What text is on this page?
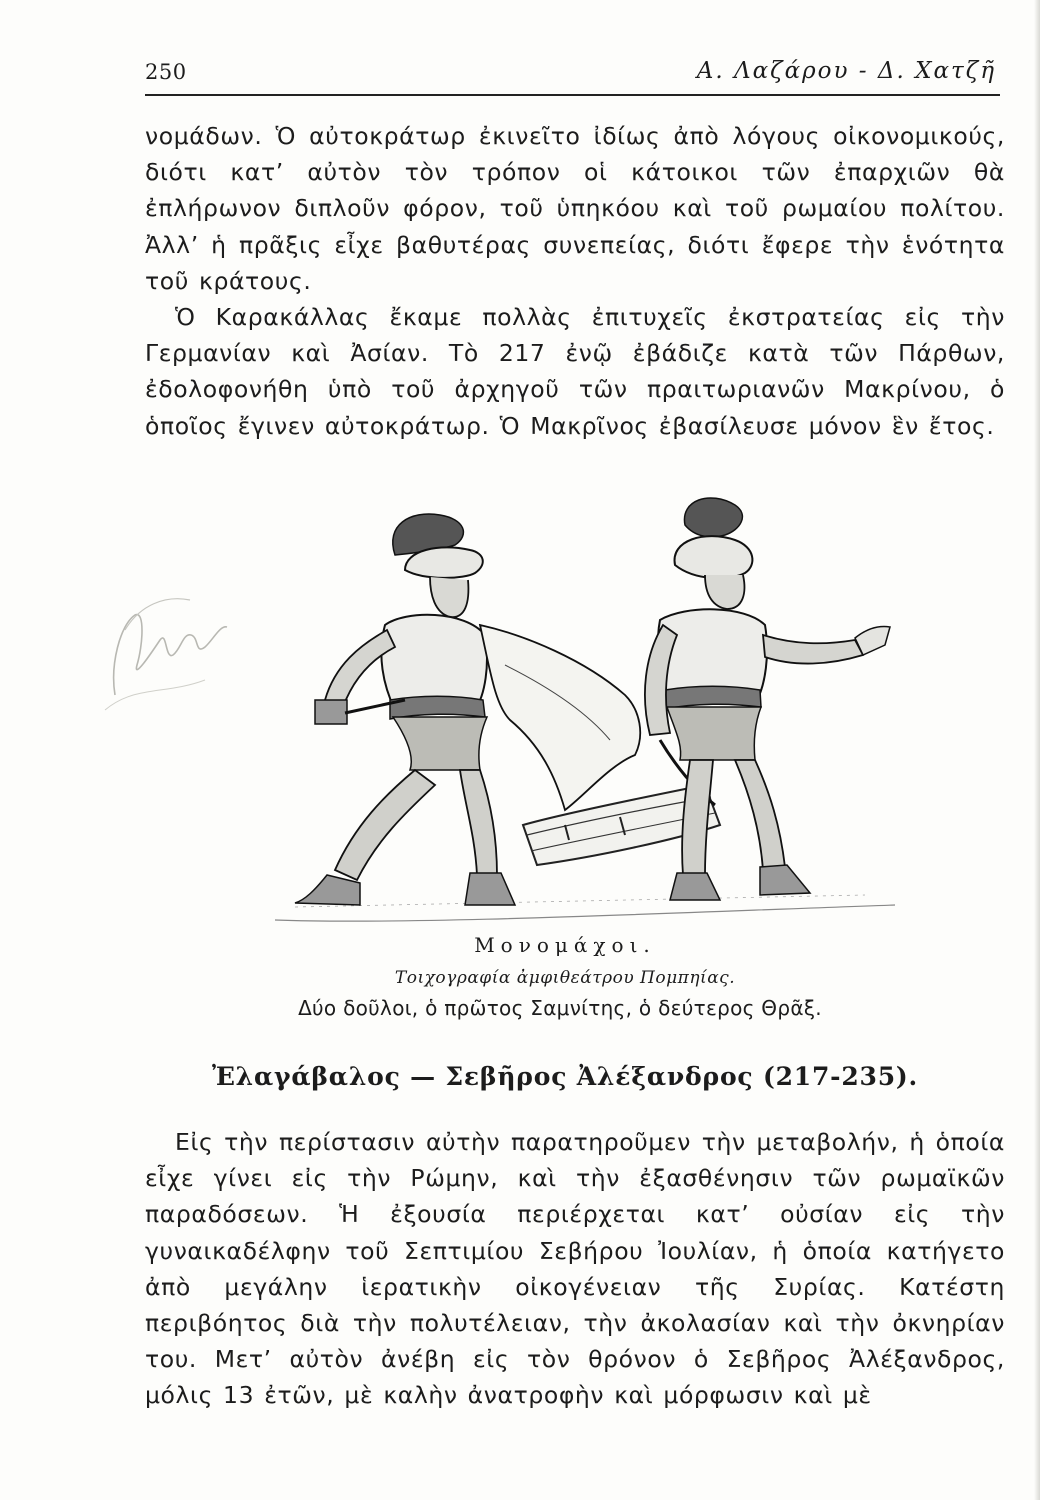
250	Α. Λαζάρου - Δ. Χατζῆ

νομάδων. Ὁ αὐτοκράτωρ ἐκινεῖτο ἰδίως ἀπὸ λόγους οἰκονομικούς, διότι κατ’ αὐτὸν τὸν τρόπον οἱ κάτοικοι τῶν ἐπαρχιῶν θὰ ἐπλήρωνον διπλοῦν φόρον, τοῦ ὑπηκόου καὶ τοῦ ρωμαίου πολίτου. Ἀλλ’ ἡ πρᾶξις εἶχε βαθυτέρας συνεπείας, διότι ἔφερε τὴν ἑνότητα τοῦ κράτους.

Ὁ Καρακάλλας ἔκαμε πολλὰς ἐπιτυχεῖς ἐκστρατείας εἰς τὴν Γερμανίαν καὶ Ἀσίαν. Τὸ 217 ἐνῷ ἐβάδιζε κατὰ τῶν Πάρθων, ἐδολοφονήθη ὑπὸ τοῦ ἀρχηγοῦ τῶν πραιτωριανῶν Μακρίνου, ὁ ὁποῖος ἔγινεν αὐτοκράτωρ. Ὁ Μακρῖνος ἐβασίλευσε μόνον ἓν ἔτος.

Μονομάχοι.
Τοιχογραφία ἀμφιθεάτρου Πομπηίας.
Δύο δοῦλοι, ὁ πρῶτος Σαμνίτης, ὁ δεύτερος Θρᾶξ.
Ἐλαγάβαλος — Σεβῆρος Ἀλέξανδρος (217-235).

Εἰς τὴν περίστασιν αὐτὴν παρατηροῦμεν τὴν μεταβολήν, ἡ ὁποία εἶχε γίνει εἰς τὴν Ρώμην, καὶ τὴν ἐξασθένησιν τῶν ρωμαϊκῶν παραδόσεων. Ἡ ἐξουσία περιέρχεται κατ’ οὐσίαν εἰς τὴν γυναικαδέλφην τοῦ Σεπτιμίου Σεβήρου Ἰουλίαν, ἡ ὁποία κατήγετο ἀπὸ μεγάλην ἱερατικὴν οἰκογένειαν τῆς Συρίας. Κατέστη περιβόητος διὰ τὴν πολυτέλειαν, τὴν ἀκολασίαν καὶ τὴν ὀκνηρίαν του. Μετ’ αὐτὸν ἀνέβη εἰς τὸν θρόνον ὁ Σεβῆρος Ἀλέξανδρος, μόλις 13 ἐτῶν, μὲ καλὴν ἀνατροφὴν καὶ μόρφωσιν καὶ μὲ
